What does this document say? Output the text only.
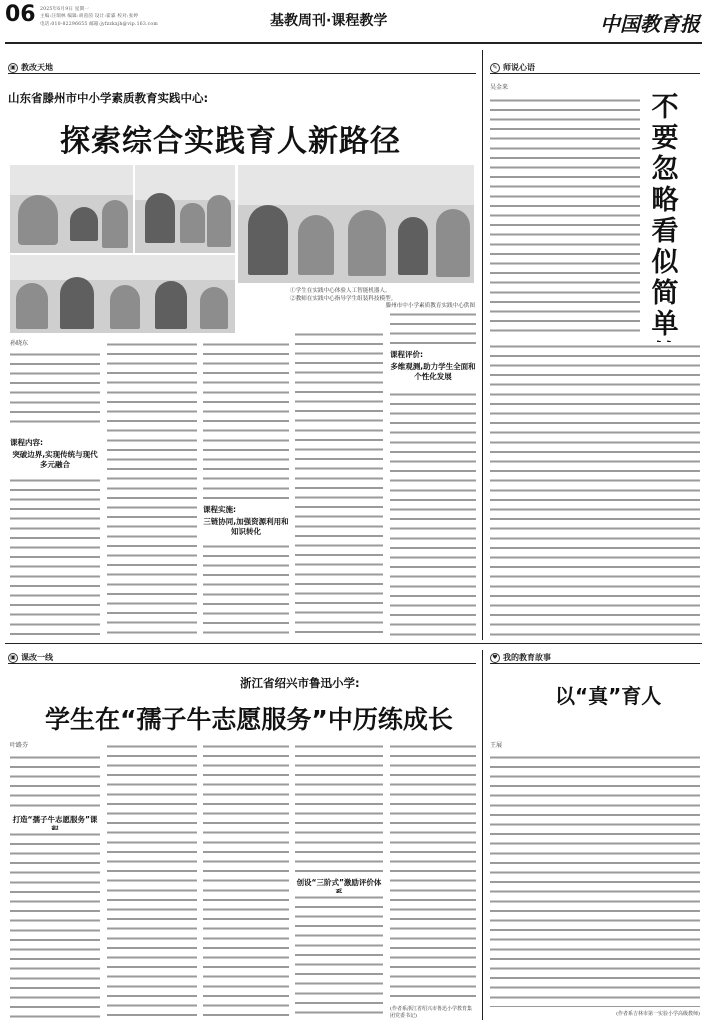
06 2025年6月9日 星期一
主编:汪瑞林 编辑:胡茵茵 设计:霍霖 校对:张婷
电话:010-82296655 邮箱:jyfzzkxjh@vip.163.com	基教周刊·课程教学	中国教育报
▣ 教改天地
山东省滕州市中小学素质教育实践中心:
探索综合实践育人新路径
①学生在实践中心体验人工智能机器人。
②教师在实践中心指导学生组装科技模型。
滕州市中小学素质教育实践中心供图
孙晓东
课程内容:
突破边界,实现传统与现代多元融合
课程实施:
三链协同,加强资源利用和知识转化
课程评价:
多维观测,助力学生全面和个性化发展
✎ 师说心语
吴金来
不要忽略看似简单
▣ 课改一线
浙江省绍兴市鲁迅小学:
学生在“孺子牛志愿服务”中历练成长
叶路芬
打造“孺子牛志愿服务”课
创设“三阶式”激励评价体
(作者系浙江省绍兴市鲁迅小学教育集团党委书记)
♥ 我的教育故事
以“真”育人
王展
(作者系吉林市第一实验小学高级教师)
